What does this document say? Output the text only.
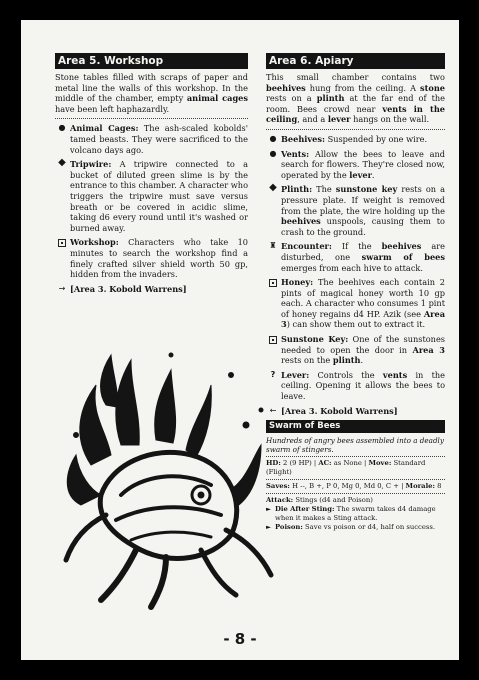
Area 5. Workshop

Stone tables filled with scraps of paper and metal line the walls of this workshop. In the middle of the chamber, empty animal cages have been left haphazardly.

● Animal Cages: The ash-scaled kobolds' tamed beasts. They were sacrificed to the volcano days ago.
◆ Tripwire: A tripwire connected to a bucket of diluted green slime is by the entrance to this chamber. A character who triggers the tripwire must save versus breath or be covered in acidic slime, taking d6 every round until it's washed or burned away.
Workshop: Characters who take 10 minutes to search the workshop find a finely crafted silver shield worth 50 gp, hidden from the invaders.
→ [Area 3. Kobold Warrens]
Area 6. Apiary

This small chamber contains two beehives hung from the ceiling. A stone rests on a plinth at the far end of the room. Bees crowd near vents in the ceiling, and a lever hangs on the wall.

● Beehives: Suspended by one wire.
● Vents: Allow the bees to leave and search for flowers. They're closed now, operated by the lever.
◆ Plinth: The sunstone key rests on a pressure plate. If weight is removed from the plate, the wire holding up the beehives unspools, causing them to crash to the ground.
♜ Encounter: If the beehives are disturbed, one swarm of bees emerges from each hive to attack.
Honey: The beehives each contain 2 pints of magical honey worth 10 gp each. A character who consumes 1 pint of honey regains d4 HP. Azik (see Area 3) can show them out to extract it.
Sunstone Key: One of the sunstones needed to open the door in Area 3 rests on the plinth.
? Lever: Controls the vents in the ceiling. Opening it allows the bees to leave.
← [Area 3. Kobold Warrens]
Swarm of Bees
Hundreds of angry bees assembled into a deadly swarm of stingers.
HD: 2 (9 HP) | AC: as None | Move: Standard (Flight)
Saves: H --, B +, P 0, Mg 0, Md 0, C + | Morale: 8
Attack: Stings (d4 and Poison)
► Die After Sting: The swarm takes d4 damage when it makes a Sting attack.
► Poison: Save vs poison or d4, half on success.
- 8 -
